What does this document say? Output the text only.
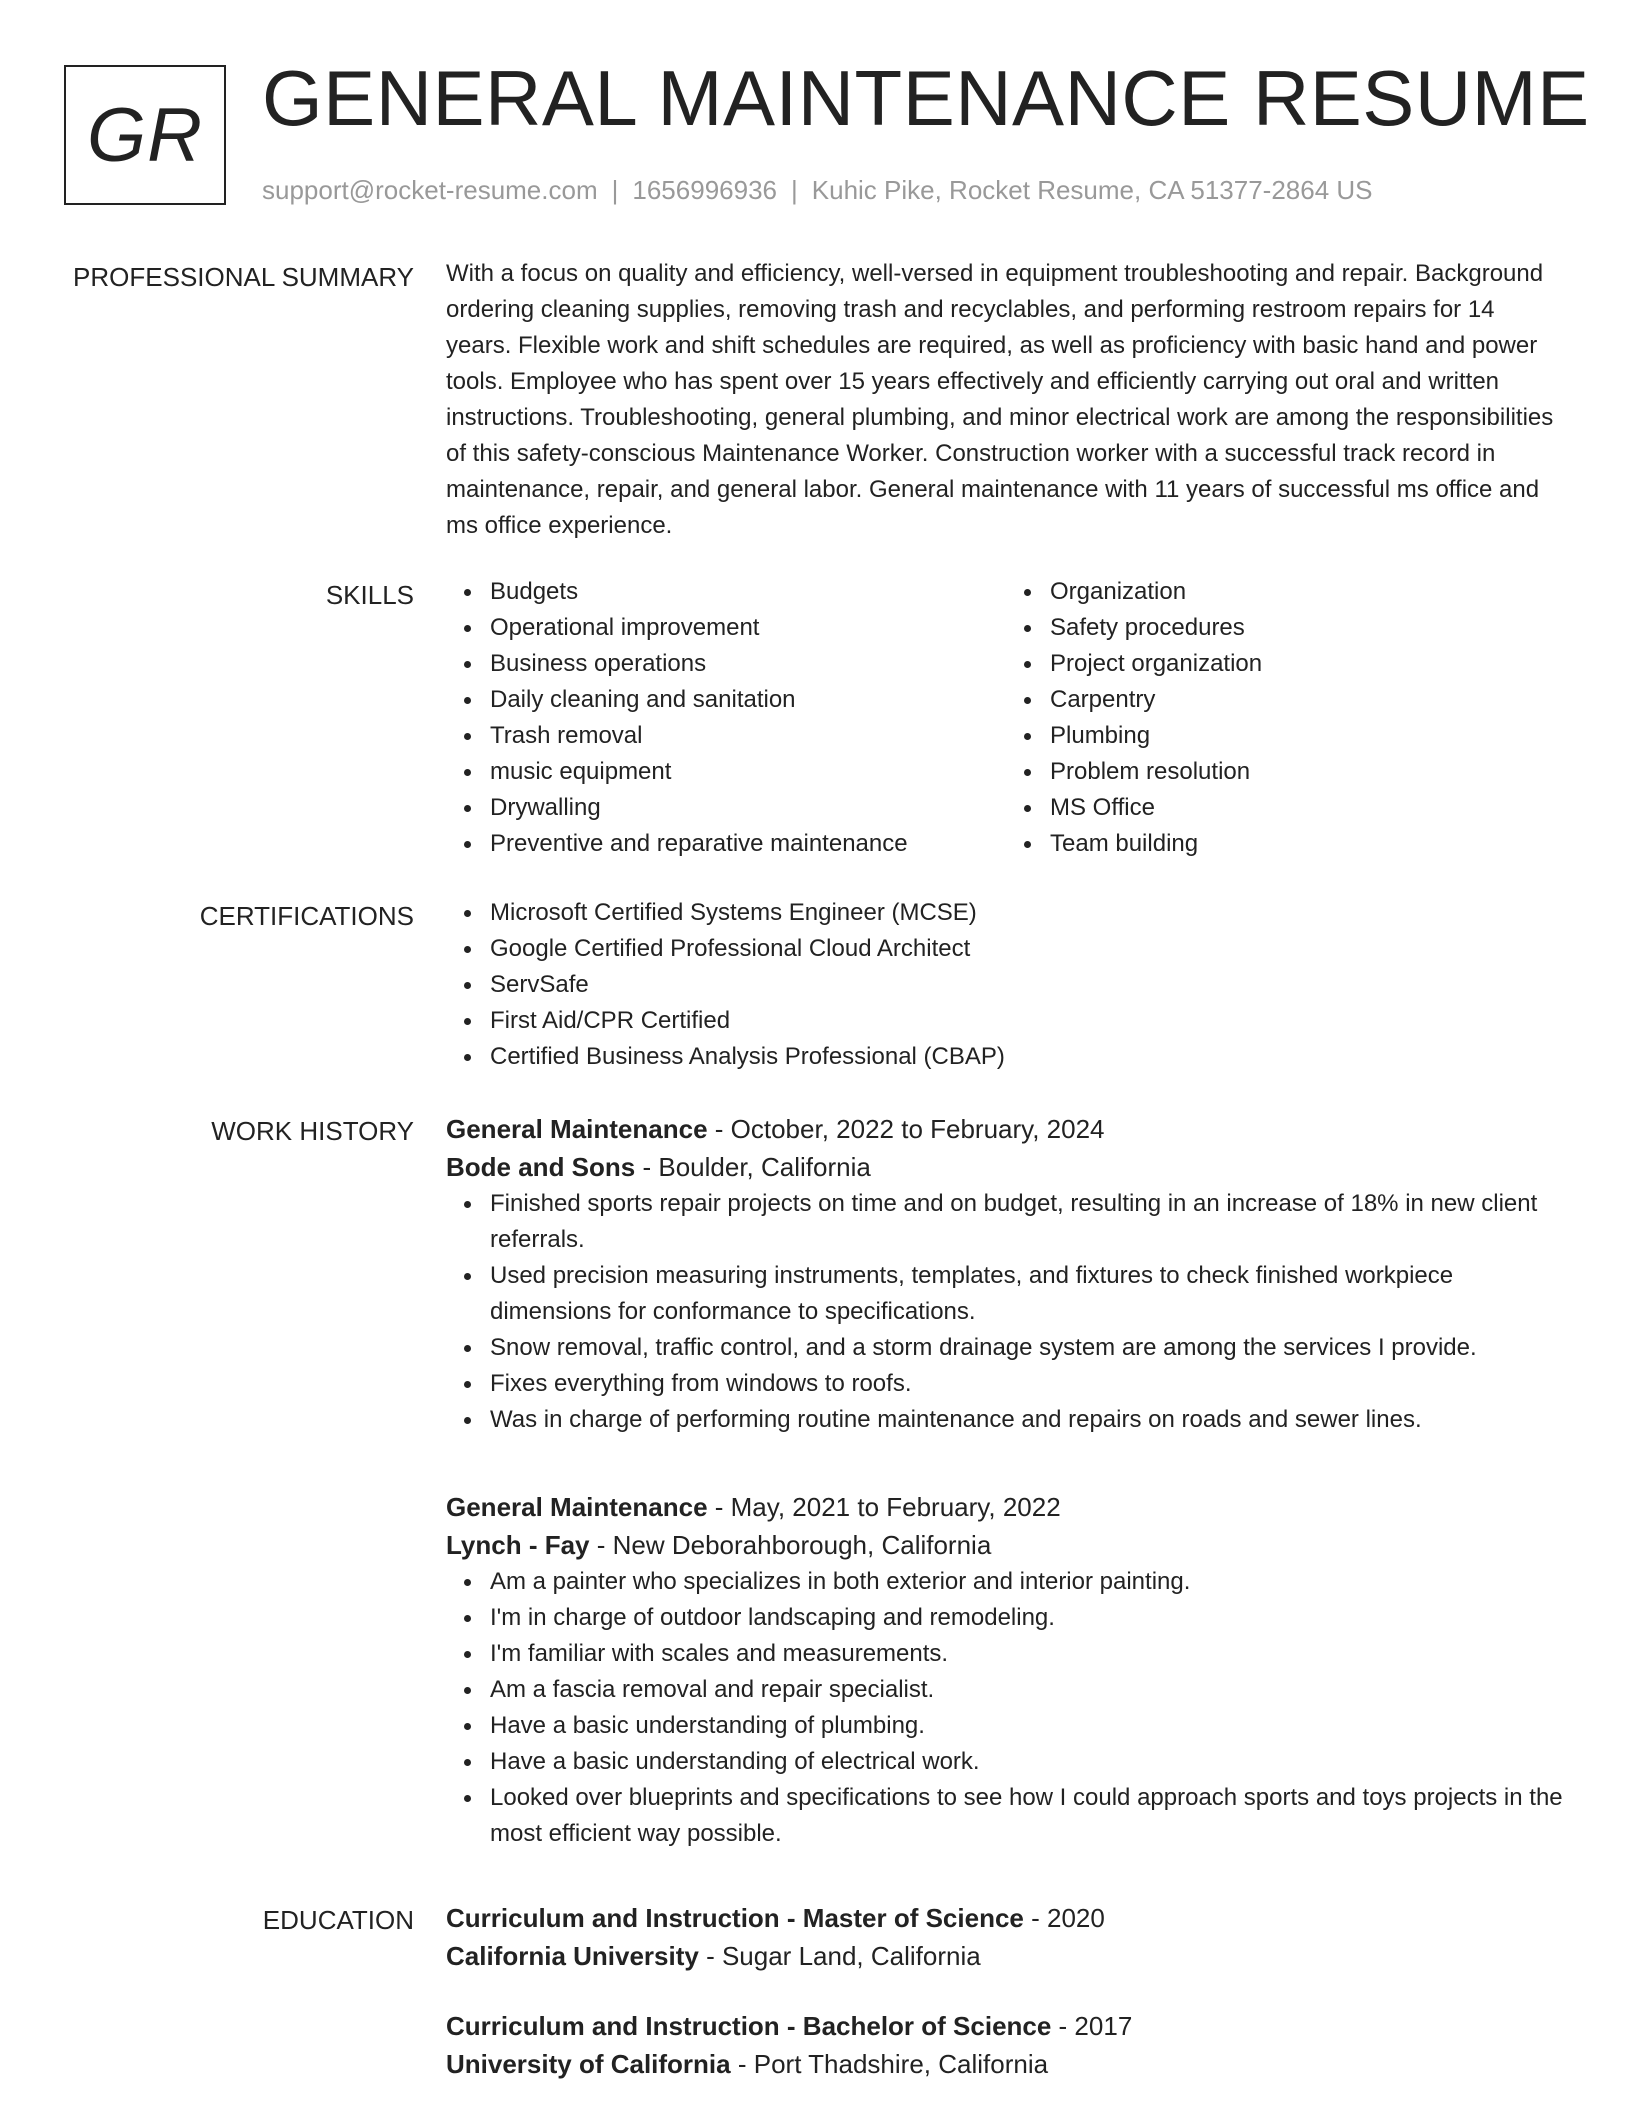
GR GENERAL MAINTENANCE RESUME
support@rocket-resume.com | 1656996936 | Kuhic Pike, Rocket Resume, CA 51377-2864 US
PROFESSIONAL SUMMARY With a focus on quality and efficiency, well-versed in equipment troubleshooting and repair. Background ordering cleaning supplies, removing trash and recyclables, and performing restroom repairs for 14 years. Flexible work and shift schedules are required, as well as proficiency with basic hand and power tools. Employee who has spent over 15 years effectively and efficiently carrying out oral and written instructions. Troubleshooting, general plumbing, and minor electrical work are among the responsibilities of this safety-conscious Maintenance Worker. Construction worker with a successful track record in maintenance, repair, and general labor. General maintenance with 11 years of successful ms office and ms office experience.

SKILLS	Budgets
Operational improvement
Business operations
Daily cleaning and sanitation
Trash removal
music equipment
Drywalling
Preventive and reparative maintenance
Organization
Safety procedures
Project organization
Carpentry
Plumbing
Problem resolution
MS Office
Team building
CERTIFICATIONS	Microsoft Certified Systems Engineer (MCSE)
Google Certified Professional Cloud Architect
ServSafe
First Aid/CPR Certified
Certified Business Analysis Professional (CBAP)
WORK HISTORY General Maintenance - October, 2022 to February, 2024
Bode and Sons - Boulder, California
Finished sports repair projects on time and on budget, resulting in an increase of 18% in new client referrals.
Used precision measuring instruments, templates, and fixtures to check finished workpiece dimensions for conformance to specifications.
Snow removal, traffic control, and a storm drainage system are among the services I provide.
Fixes everything from windows to roofs.
Was in charge of performing routine maintenance and repairs on roads and sewer lines.
General Maintenance - May, 2021 to February, 2022
Lynch - Fay - New Deborahborough, California
Am a painter who specializes in both exterior and interior painting.
I'm in charge of outdoor landscaping and remodeling.
I'm familiar with scales and measurements.
Am a fascia removal and repair specialist.
Have a basic understanding of plumbing.
Have a basic understanding of electrical work.
Looked over blueprints and specifications to see how I could approach sports and toys projects in the most efficient way possible.
EDUCATION Curriculum and Instruction - Master of Science - 2020
California University - Sugar Land, California
Curriculum and Instruction - Bachelor of Science - 2017
University of California - Port Thadshire, California
